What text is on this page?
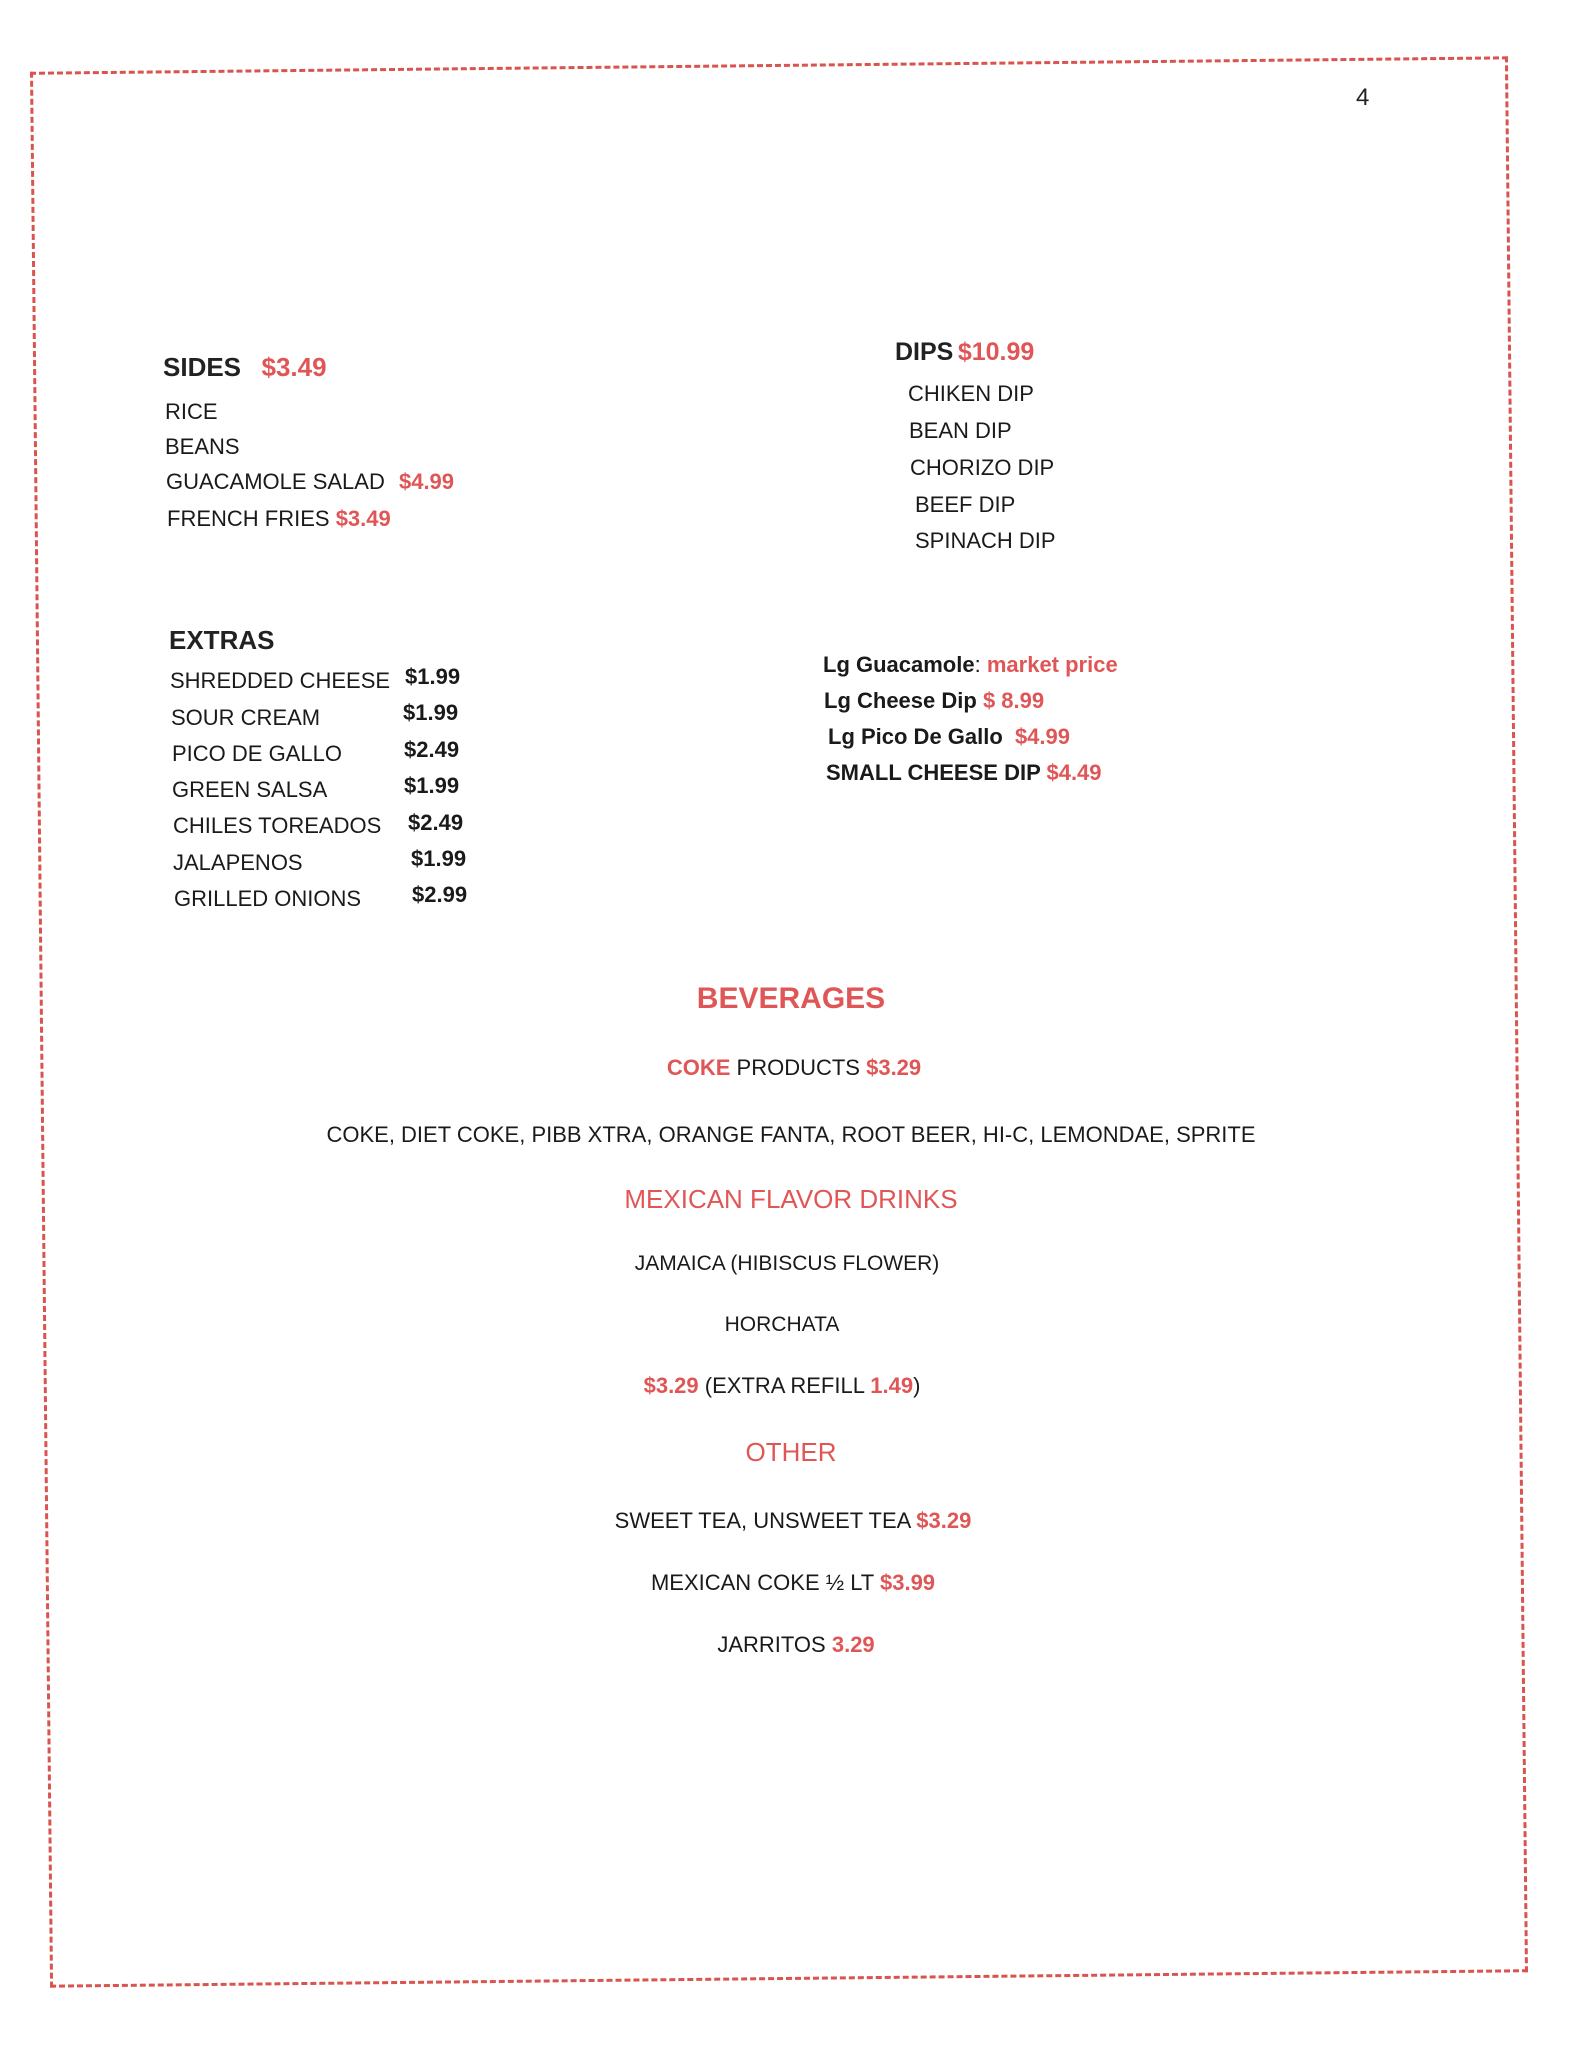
4
SIDES $3.49
RICE
BEANS
GUACAMOLE SALAD $4.99
FRENCH FRIES $3.49
DIPS $10.99
CHIKEN DIP
BEAN DIP
CHORIZO DIP
BEEF DIP
SPINACH DIP
EXTRAS
SHREDDED CHEESE $1.99
SOUR CREAM	$1.99
PICO DE GALLO	$2.49
GREEN SALSA	$1.99
CHILES TOREADOS $2.49
JALAPENOS	$1.99
GRILLED ONIONS $2.99
Lg Guacamole: market price
Lg Cheese Dip $ 8.99
Lg Pico De Gallo $4.99
SMALL CHEESE DIP $4.49
BEVERAGES
COKE PRODUCTS $3.29
COKE, DIET COKE, PIBB XTRA, ORANGE FANTA, ROOT BEER, HI-C, LEMONDAE, SPRITE
MEXICAN FLAVOR DRINKS
JAMAICA (HIBISCUS FLOWER)
HORCHATA
$3.29 (EXTRA REFILL 1.49)
OTHER
SWEET TEA, UNSWEET TEA $3.29
MEXICAN COKE ½ LT $3.99
JARRITOS 3.29
